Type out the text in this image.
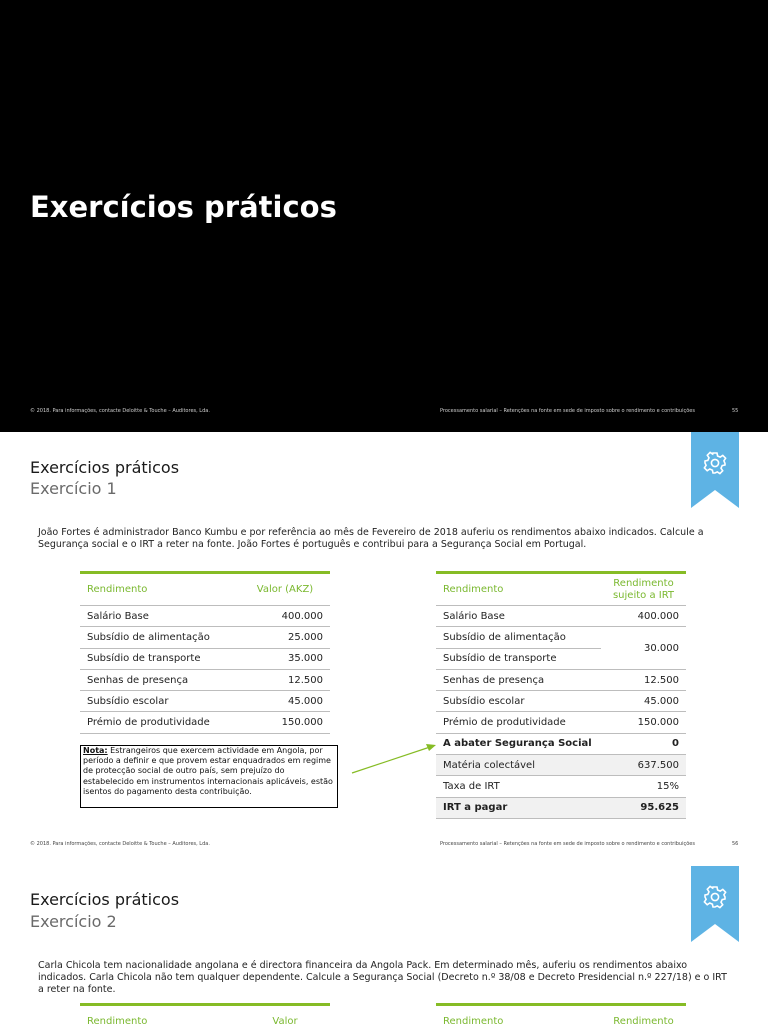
Exercícios práticos
© 2018. Para informações, contacte Deloitte & Touche – Auditores, Lda.	Processamento salarial – Retenções na fonte em sede de imposto sobre o rendimento e contribuições	55
Exercícios práticos
Exercício 1
João Fortes é administrador Banco Kumbu e por referência ao mês de Fevereiro de 2018 auferiu os rendimentos abaixo indicados. Calcule a Segurança social e o IRT a reter na fonte. João Fortes é português e contribui para a Segurança Social em Portugal.
Rendimento	Valor (AKZ)
Salário Base	400.000
Subsídio de alimentação	25.000
Subsídio de transporte	35.000
Senhas de presença	12.500
Subsídio escolar	45.000
Prémio de produtividade	150.000
Nota: Estrangeiros que exercem actividade em Angola, por período a definir e que provem estar enquadrados em regime de protecção social de outro país, sem prejuízo do estabelecido em instrumentos internacionais aplicáveis, estão isentos do pagamento desta contribuição.
Rendimento	Rendimento sujeito a IRT
Salário Base	400.000
Subsídio de alimentação	30.000
Subsídio de transporte	
Senhas de presença	12.500
Subsídio escolar	45.000
Prémio de produtividade	150.000
A abater Segurança Social	0
Matéria colectável	637.500
Taxa de IRT	15%
IRT a pagar	95.625
© 2018. Para informações, contacte Deloitte & Touche – Auditores, Lda.	Processamento salarial – Retenções na fonte em sede de imposto sobre o rendimento e contribuições	56
Exercícios práticos
Exercício 2
Carla Chicola tem nacionalidade angolana e é directora financeira da Angola Pack. Em determinado mês, auferiu os rendimentos abaixo indicados. Carla Chicola não tem qualquer dependente. Calcule a Segurança Social (Decreto n.º 38/08 e Decreto Presidencial n.º 227/18) e o IRT a reter na fonte.
Rendimento	Valor	Rendimento	Rendimento
